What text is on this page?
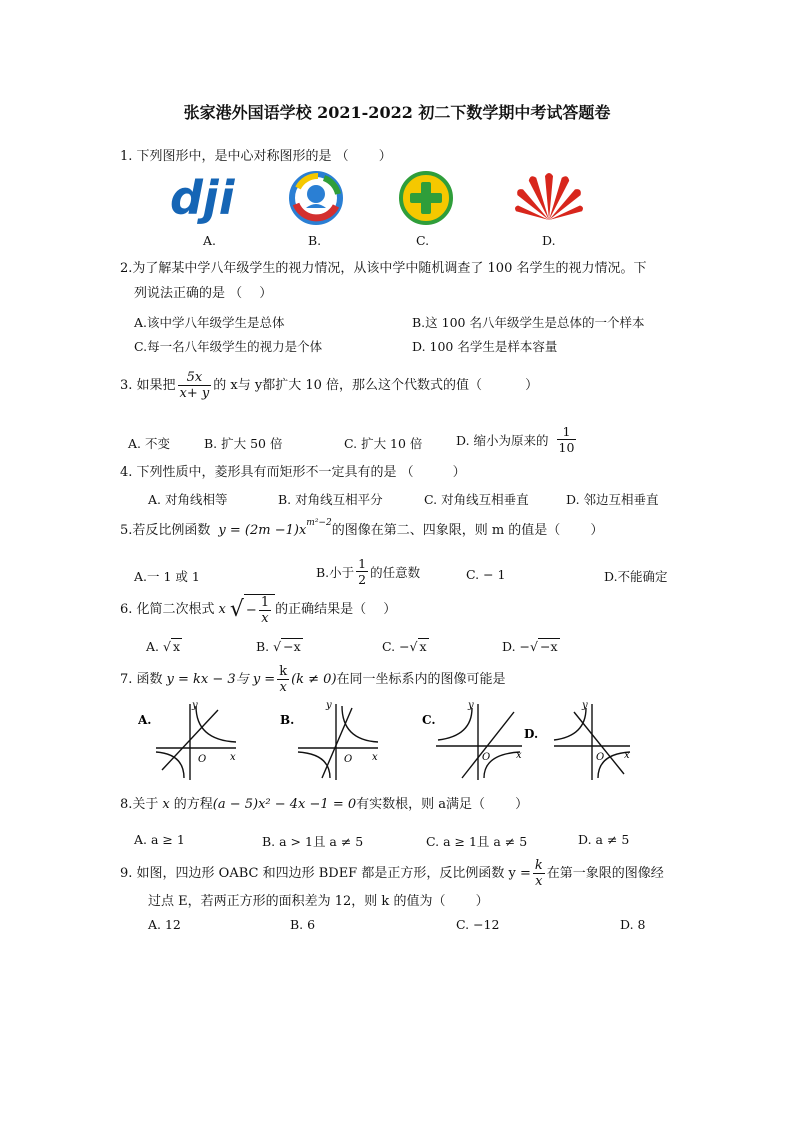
张家港外国语学校 2021-2022 初二下数学期中考试答题卷
1. 下列图形中，是中心对称图形的是 （　　 ）
dji
A.	B.	C.	D.
2.为了解某中学八年级学生的视力情况，从该中学中随机调查了 100 名学生的视力情况。下
列说法正确的是 （　 ）
A.该中学八年级学生是总体	B.这 100 名八年级学生是总体的一个样本
C.每一名八年级学生的视力是个体	D. 100 名学生是样本容量
3. 如果把 $\frac{5x}{x+ y}$ 的 x与 y都扩大 10 倍，那么这个代数式的值（　　　 ）
A. 不变	B. 扩大 50 倍	C. 扩大 10 倍	D. 缩小为原来的 $\frac{1}{10}$
4. 下列性质中，菱形具有而矩形不一定具有的是 （　　　）
A. 对角线相等	B. 对角线互相平分	C. 对角线互相垂直	D. 邻边互相垂直
5.若反比例函数 $y = (2m -1)x^{m^2-2}$ 的图像在第二、四象限，则 m 的值是（　　 ）
A.一 1 或 1	B.小于 $\frac{1}{2}$ 的任意数	C. − 1	D.不能确定
6. 化简二次根式 x √ − $\frac{1}{x}$ 的正确结果是（　 ）
A. √ x	B. √ −x	C. −√ x	D. −√ −x
7. 函数 y = kx − 3与 $y = \frac{k}{x} (k \ne 0)$ 在同一坐标系内的图像可能是
A.
y
x
O
B.
y
x
O
C.
y
x
O
D.
y
x
O
8.关于 x 的方程 (a − 5)x² − 4x −1 = 0 有实数根，则 a满足（　　 ）
A. a ≥ 1	B. a > 1且 a ≠ 5	C. a ≥ 1且 a ≠ 5	D. a ≠ 5
9. 如图，四边形 OABC 和四边形 BDEF 都是正方形，反比例函数 $y = \frac{k}{x}$ 在第一象限的图像经
过点 E，若两正方形的面积差为 12，则 k 的值为（　　 ）
A. 12	B. 6	C. −12	D. 8
